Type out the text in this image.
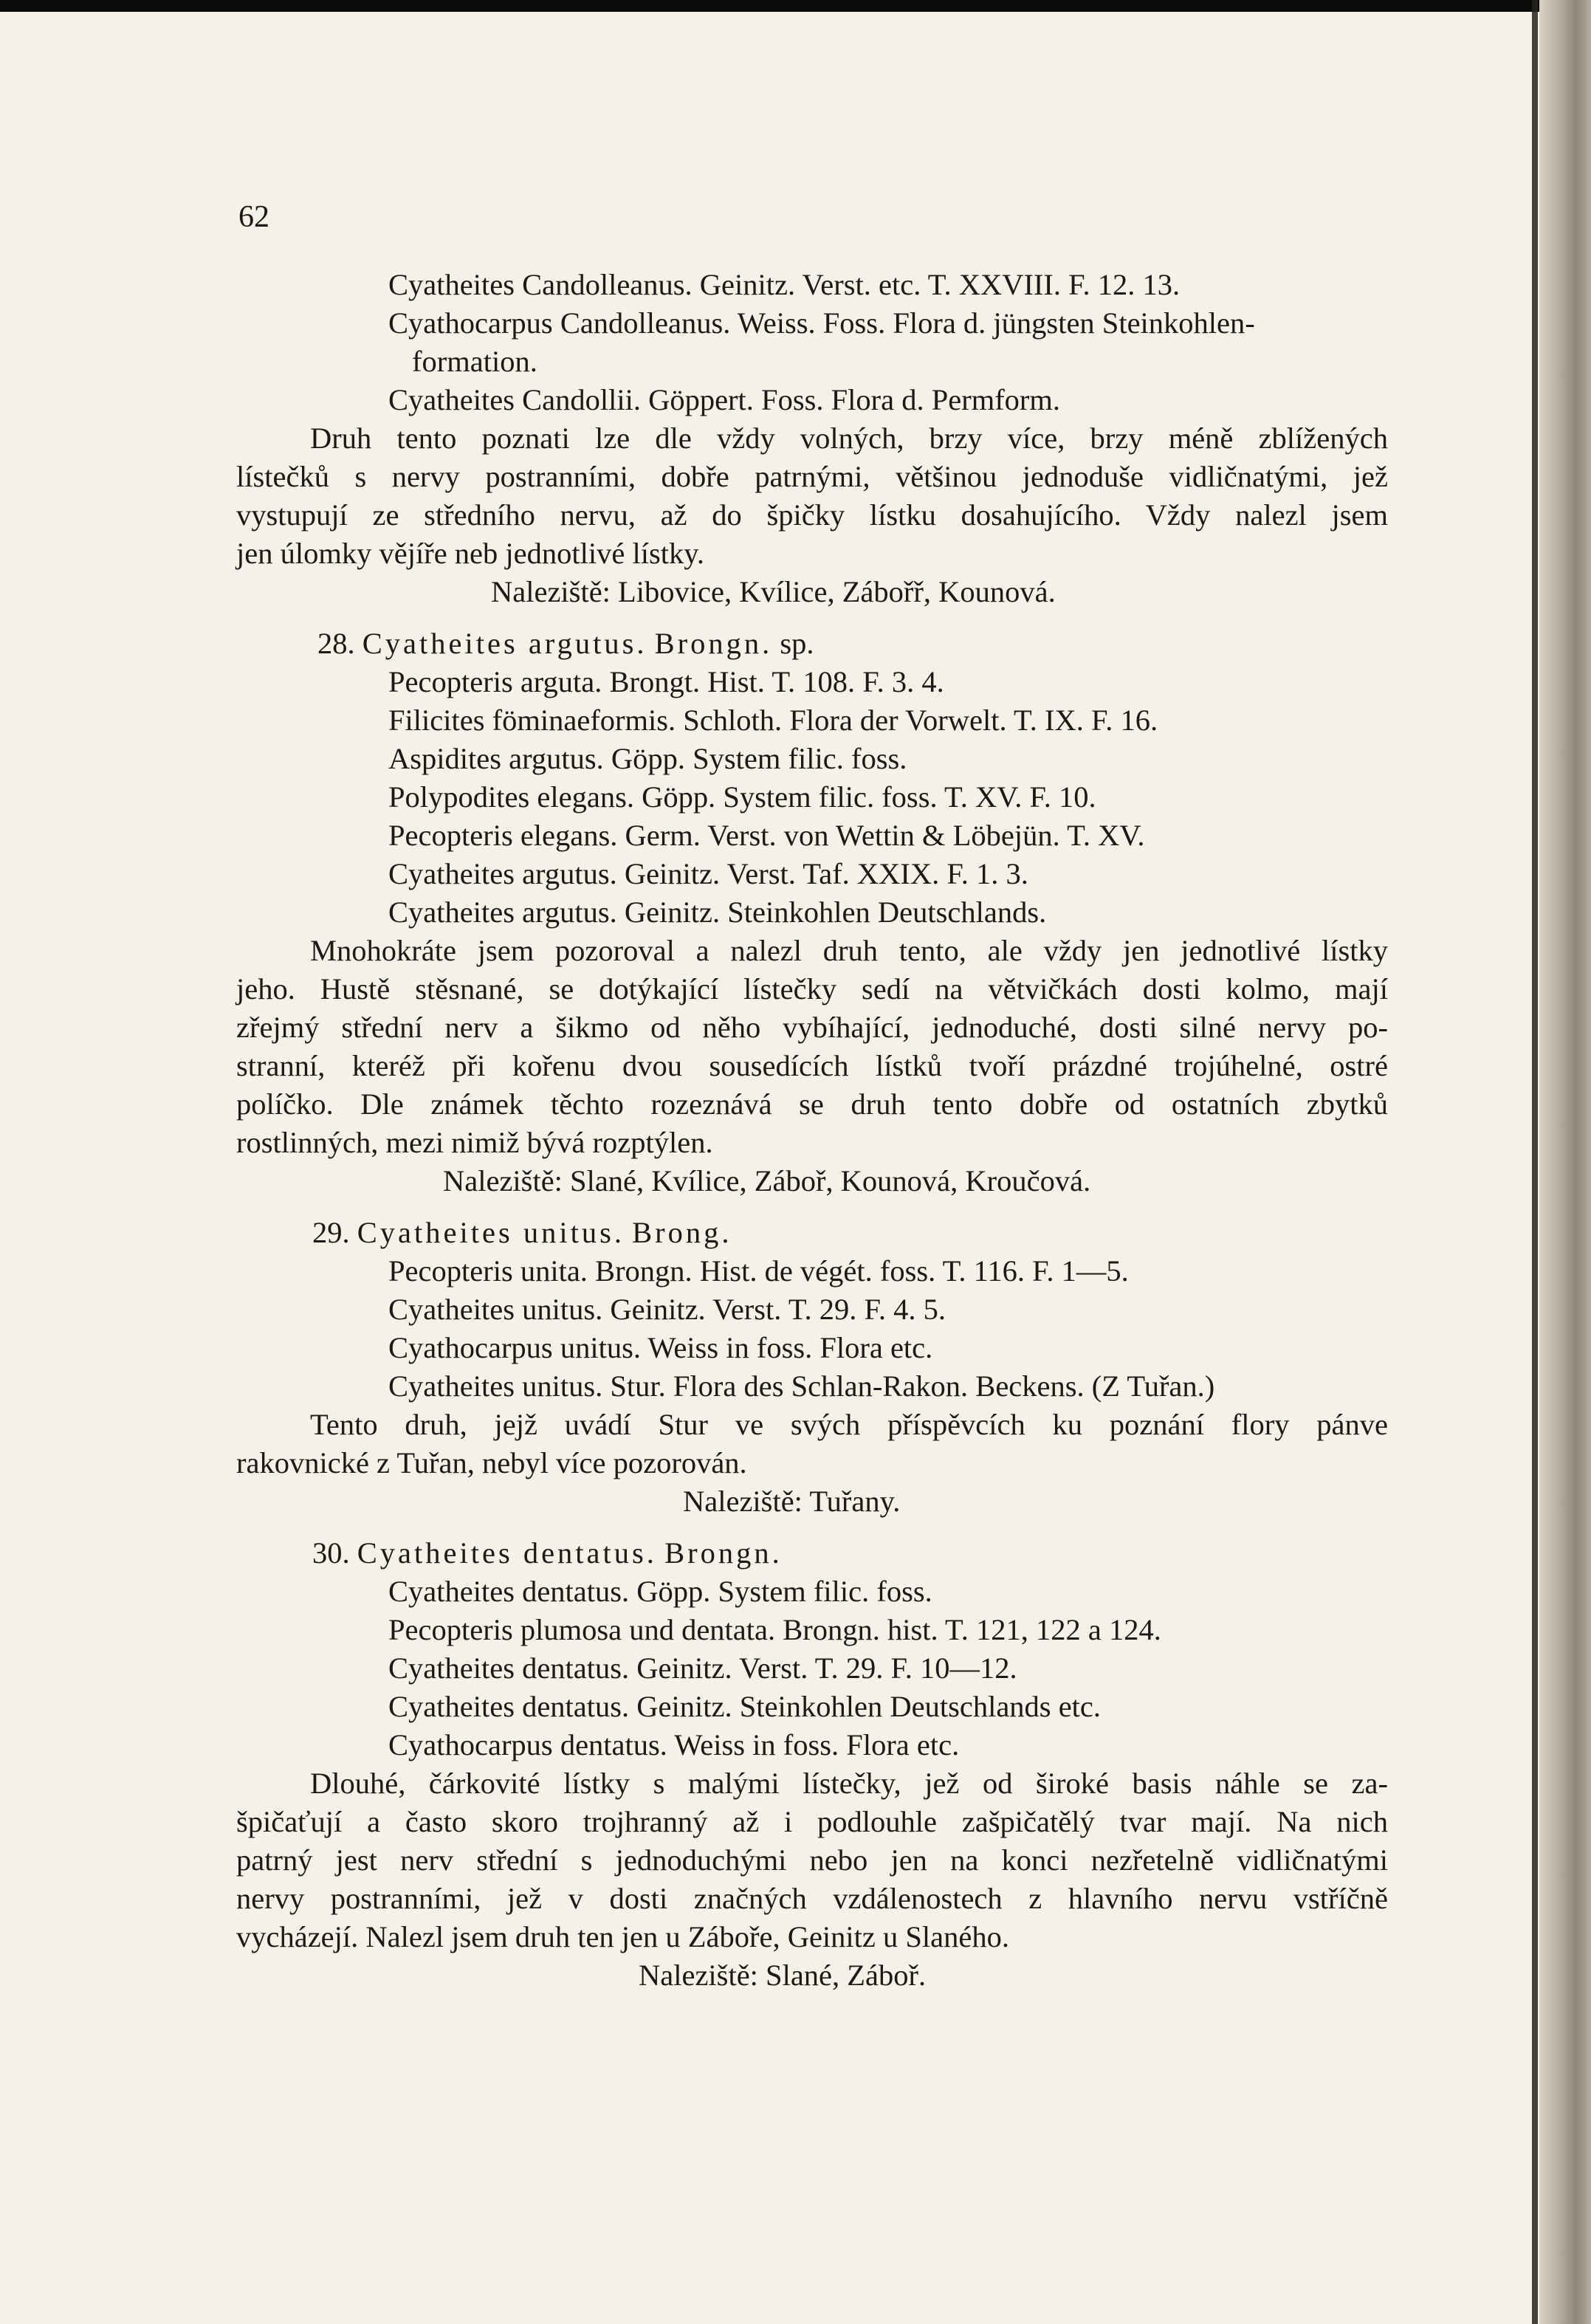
62
Cyatheites Candolleanus. Geinitz. Verst. etc. T. XXVIII. F. 12. 13.
Cyathocarpus Candolleanus. Weiss. Foss. Flora d. jüngsten Steinkohlen-
formation.
Cyatheites Candollii. Göppert. Foss. Flora d. Permform.
Druh tento poznati lze dle vždy volných, brzy více, brzy méně zblížených
lístečků s nervy postranními, dobře patrnými, většinou jednoduše vidličnatými, jež
vystupují ze středního nervu, až do špičky lístku dosahujícího. Vždy nalezl jsem
jen úlomky vějíře neb jednotlivé lístky.
Naleziště: Libovice, Kvílice, Zábořř, Kounová.
28. Cyatheites argutus. Brongn. sp.
Pecopteris arguta. Brongt. Hist. T. 108. F. 3. 4.
Filicites föminaeformis. Schloth. Flora der Vorwelt. T. IX. F. 16.
Aspidites argutus. Göpp. System filic. foss.
Polypodites elegans. Göpp. System filic. foss. T. XV. F. 10.
Pecopteris elegans. Germ. Verst. von Wettin & Löbejün. T. XV.
Cyatheites argutus. Geinitz. Verst. Taf. XXIX. F. 1. 3.
Cyatheites argutus. Geinitz. Steinkohlen Deutschlands.
Mnohokráte jsem pozoroval a nalezl druh tento, ale vždy jen jednotlivé lístky
jeho. Hustě stěsnané, se dotýkající lístečky sedí na větvičkách dosti kolmo, mají
zřejmý střední nerv a šikmo od něho vybíhající, jednoduché, dosti silné nervy po-
stranní, kteréž při kořenu dvou sousedících lístků tvoří prázdné trojúhelné, ostré
políčko. Dle známek těchto rozeznává se druh tento dobře od ostatních zbytků
rostlinných, mezi nimiž bývá rozptýlen.
Naleziště: Slané, Kvílice, Záboř, Kounová, Kroučová.
29. Cyatheites unitus. Brong.
Pecopteris unita. Brongn. Hist. de végét. foss. T. 116. F. 1—5.
Cyatheites unitus. Geinitz. Verst. T. 29. F. 4. 5.
Cyathocarpus unitus. Weiss in foss. Flora etc.
Cyatheites unitus. Stur. Flora des Schlan-Rakon. Beckens. (Z Tuřan.)
Tento druh, jejž uvádí Stur ve svých příspěvcích ku poznání flory pánve
rakovnické z Tuřan, nebyl více pozorován.
Naleziště: Tuřany.
30. Cyatheites dentatus. Brongn.
Cyatheites dentatus. Göpp. System filic. foss.
Pecopteris plumosa und dentata. Brongn. hist. T. 121, 122 a 124.
Cyatheites dentatus. Geinitz. Verst. T. 29. F. 10—12.
Cyatheites dentatus. Geinitz. Steinkohlen Deutschlands etc.
Cyathocarpus dentatus. Weiss in foss. Flora etc.
Dlouhé, čárkovité lístky s malými lístečky, jež od široké basis náhle se za-
špičaťují a často skoro trojhranný až i podlouhle zašpičatělý tvar mají. Na nich
patrný jest nerv střední s jednoduchými nebo jen na konci nezřetelně vidličnatými
nervy postranními, jež v dosti značných vzdálenostech z hlavního nervu vstříčně
vycházejí. Nalezl jsem druh ten jen u Záboře, Geinitz u Slaného.
Naleziště: Slané, Záboř.
